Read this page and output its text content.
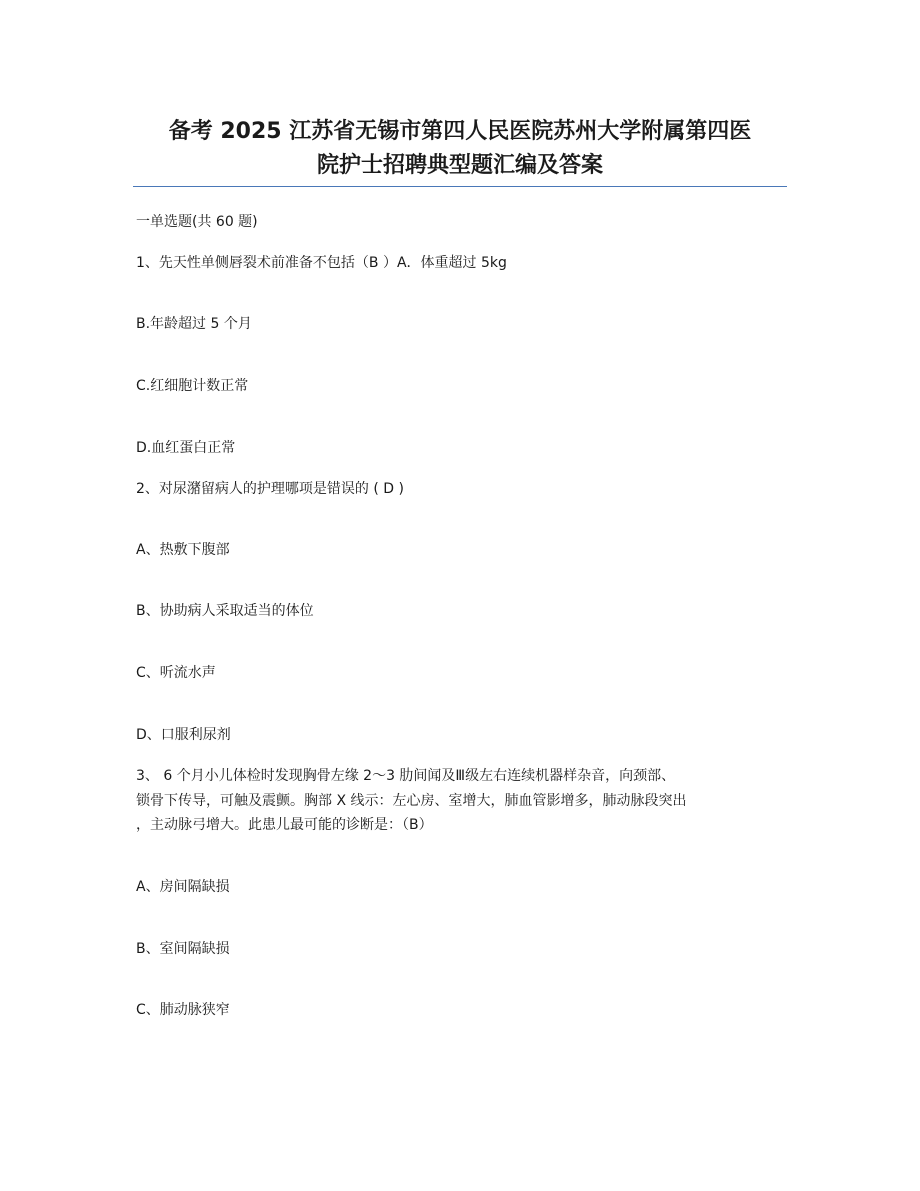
备考 2025 江苏省无锡市第四人民医院苏州大学附属第四医
院护士招聘典型题汇编及答案
一单选题(共 60 题)
1、先天性单侧唇裂术前准备不包括（B ）A．体重超过 5kg
B.年龄超过 5 个月
C.红细胞计数正常
D.血红蛋白正常
2、对尿潴留病人的护理哪项是错误的 ( D )
A、热敷下腹部
B、协助病人采取适当的体位
C、听流水声
D、口服利尿剂
3、 6 个月小儿体检时发现胸骨左缘 2～3 肋间闻及Ⅲ级左右连续机器样杂音，向颈部、
锁骨下传导，可触及震颤。胸部 X 线示：左心房、室增大，肺血管影增多，肺动脉段突出
，主动脉弓增大。此患儿最可能的诊断是：（B）
A、房间隔缺损
B、室间隔缺损
C、肺动脉狭窄
